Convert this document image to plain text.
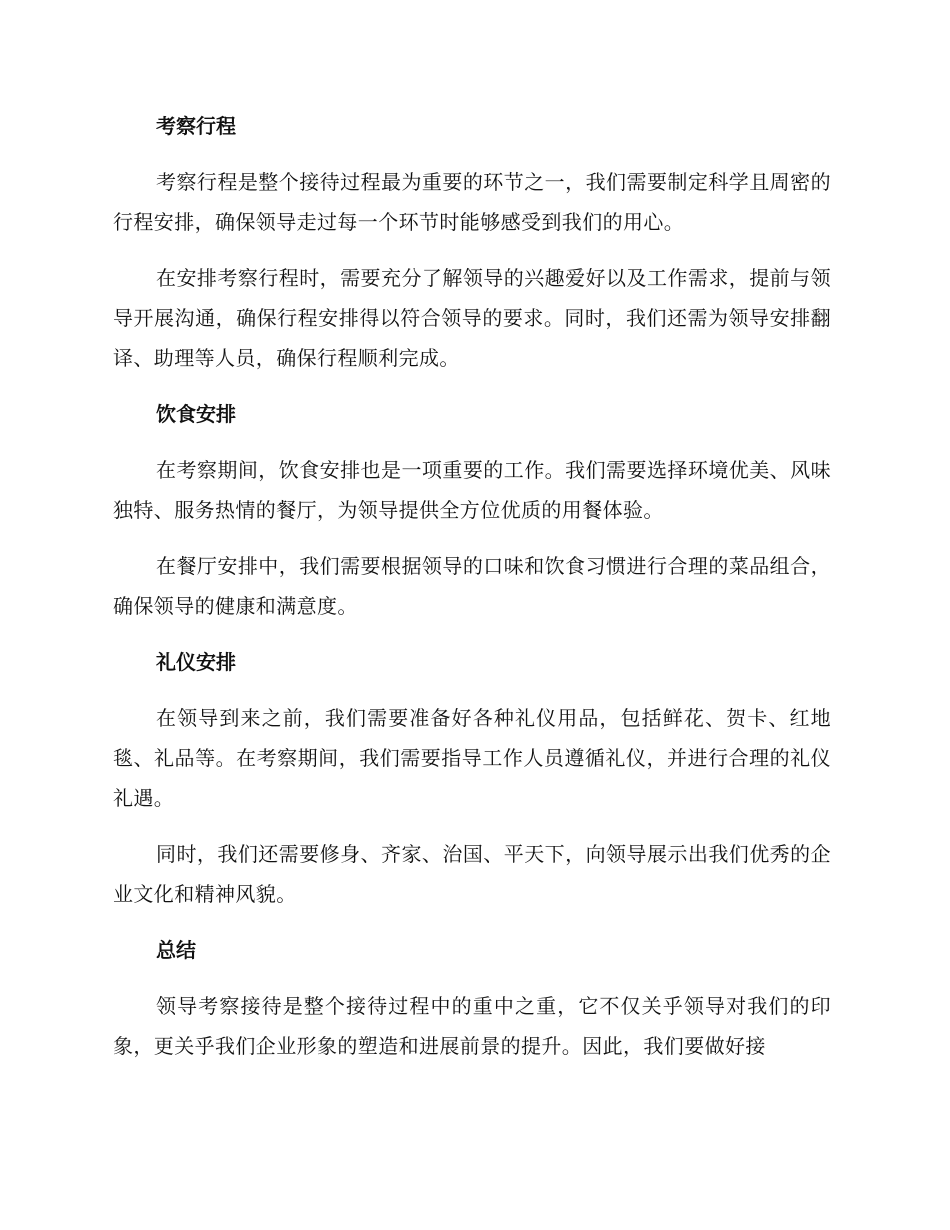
考察行程

考察行程是整个接待过程最为重要的环节之一，我们需要制定科学且周密的行程安排，确保领导走过每一个环节时能够感受到我们的用心。

在安排考察行程时，需要充分了解领导的兴趣爱好以及工作需求，提前与领导开展沟通，确保行程安排得以符合领导的要求。同时，我们还需为领导安排翻译、助理等人员，确保行程顺利完成。

饮食安排

在考察期间，饮食安排也是一项重要的工作。我们需要选择环境优美、风味独特、服务热情的餐厅，为领导提供全方位优质的用餐体验。

在餐厅安排中，我们需要根据领导的口味和饮食习惯进行合理的菜品组合，确保领导的健康和满意度。

礼仪安排

在领导到来之前，我们需要准备好各种礼仪用品，包括鲜花、贺卡、红地毯、礼品等。在考察期间，我们需要指导工作人员遵循礼仪，并进行合理的礼仪礼遇。

同时，我们还需要修身、齐家、治国、平天下，向领导展示出我们优秀的企业文化和精神风貌。

总结

领导考察接待是整个接待过程中的重中之重，它不仅关乎领导对我们的印象，更关乎我们企业形象的塑造和进展前景的提升。因此，我们要做好接
